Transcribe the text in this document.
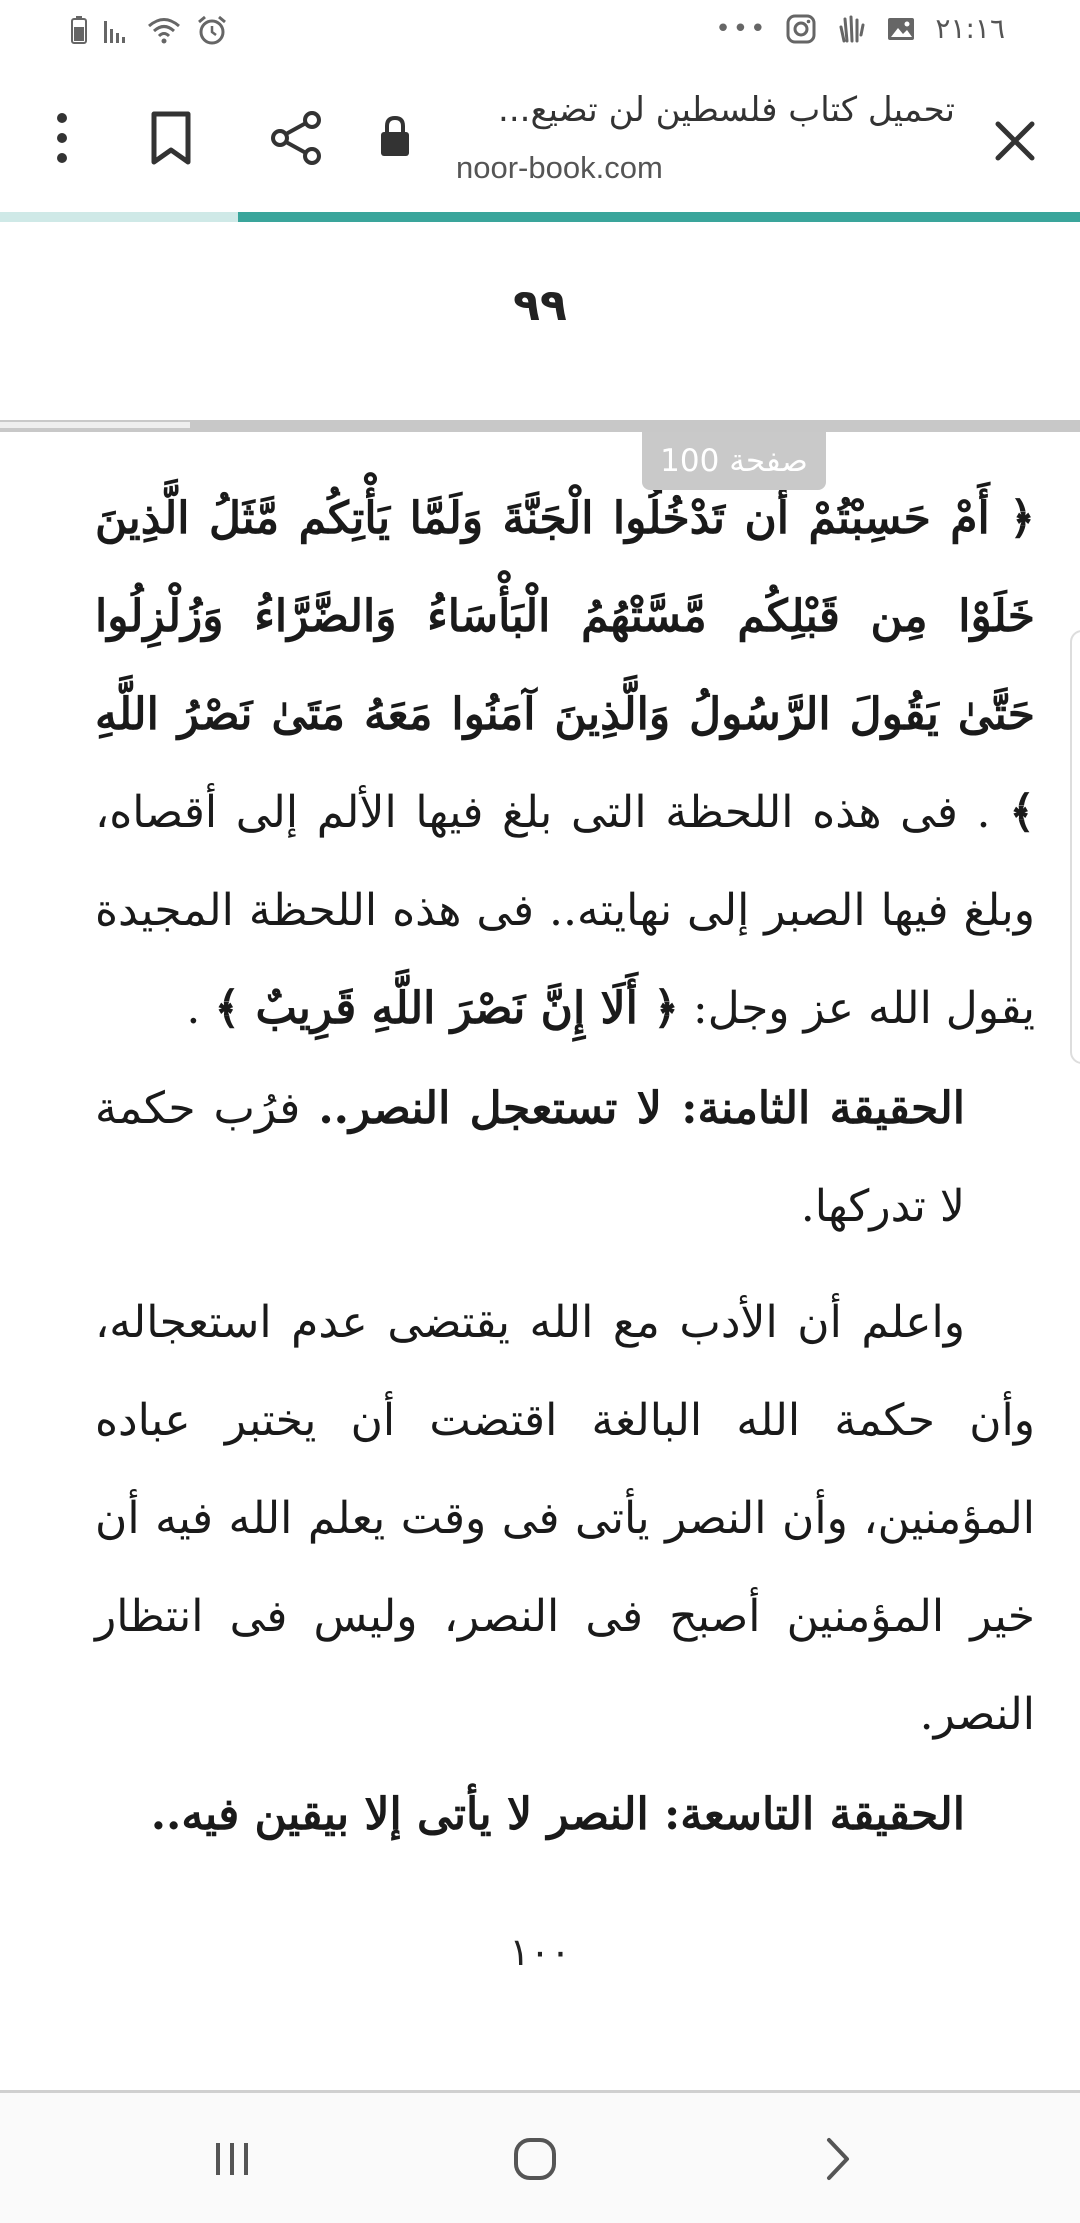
•••	٢١:١٦
تحميل كتاب فلسطين لن تضيع...
noor-book.com
٩٩

﴿ أَمْ حَسِبْتُمْ أَن تَدْخُلُوا الْجَنَّةَ وَلَمَّا يَأْتِكُم مَّثَلُ الَّذِينَ خَلَوْا مِن قَبْلِكُم مَّسَّتْهُمُ الْبَأْسَاءُ وَالضَّرَّاءُ وَزُلْزِلُوا حَتَّىٰ يَقُولَ الرَّسُولُ وَالَّذِينَ آمَنُوا مَعَهُ مَتَىٰ نَصْرُ اللَّهِ ﴾ . فى هذه اللحظة التى بلغ فيها الألم إلى أقصاه، وبلغ فيها الصبر إلى نهايته.. فى هذه اللحظة المجيدة يقول الله عز وجل: ﴿ أَلَا إِنَّ نَصْرَ اللَّهِ قَرِيبٌ ﴾ .

الحقيقة الثامنة: لا تستعجل النصر.. فرُب حكمة لا تدركها.

واعلم أن الأدب مع الله يقتضى عدم استعجاله، وأن حكمة الله البالغة اقتضت أن يختبر عباده المؤمنين، وأن النصر يأتى فى وقت يعلم الله فيه أن خير المؤمنين أصبح فى النصر، وليس فى انتظار النصر.

الحقيقة التاسعة: النصر لا يأتى إلا بيقين فيه..

صفحة 100
١٠٠
